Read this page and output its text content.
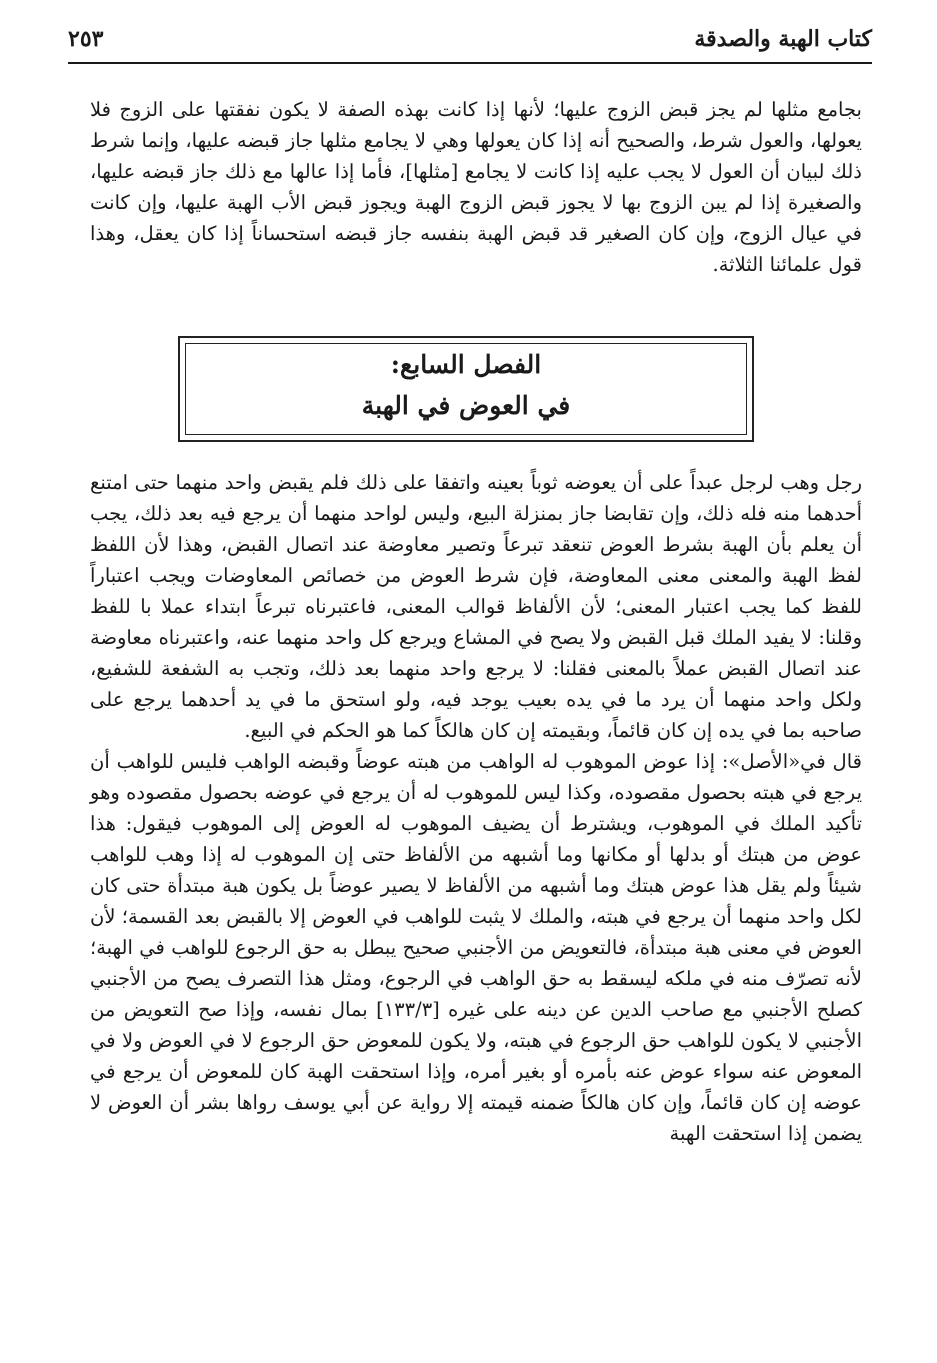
كتاب الهبة والصدقة
٢٥٣

بجامع مثلها لم يجز قبض الزوج عليها؛ لأنها إذا كانت بهذه الصفة لا يكون نفقتها على الزوج فلا يعولها، والعول شرط، والصحيح أنه إذا كان يعولها وهي لا يجامع مثلها جاز قبضه عليها، وإنما شرط ذلك لبيان أن العول لا يجب عليه إذا كانت لا يجامع [مثلها]، فأما إذا عالها مع ذلك جاز قبضه عليها، والصغيرة إذا لم يبن الزوج بها لا يجوز قبض الزوج الهبة ويجوز قبض الأب الهبة عليها، وإن كانت في عيال الزوج، وإن كان الصغير قد قبض الهبة بنفسه جاز قبضه استحساناً إذا كان يعقل، وهذا قول علمائنا الثلاثة.

الفصل السابع:
في العوض في الهبة

رجل وهب لرجل عبداً على أن يعوضه ثوباً بعينه واتفقا على ذلك فلم يقبض واحد منهما حتى امتنع أحدهما منه فله ذلك، وإن تقابضا جاز بمنزلة البيع، وليس لواحد منهما أن يرجع فيه بعد ذلك، يجب أن يعلم بأن الهبة بشرط العوض تنعقد تبرعاً وتصير معاوضة عند اتصال القبض، وهذا لأن اللفظ لفظ الهبة والمعنى معنى المعاوضة، فإن شرط العوض من خصائص المعاوضات ويجب اعتباراً للفظ كما يجب اعتبار المعنى؛ لأن الألفاظ قوالب المعنى، فاعتبرناه تبرعاً ابتداء عملا با للفظ وقلنا: لا يفيد الملك قبل القبض ولا يصح في المشاع ويرجع كل واحد منهما عنه، واعتبرناه معاوضة عند اتصال القبض عملاً بالمعنى فقلنا: لا يرجع واحد منهما بعد ذلك، وتجب به الشفعة للشفيع، ولكل واحد منهما أن يرد ما في يده بعيب يوجد فيه، ولو استحق ما في يد أحدهما يرجع على صاحبه بما في يده إن كان قائماً، وبقيمته إن كان هالكاً كما هو الحكم في البيع.

قال في«الأصل»: إذا عوض الموهوب له الواهب من هبته عوضاً وقبضه الواهب فليس للواهب أن يرجع في هبته بحصول مقصوده، وكذا ليس للموهوب له أن يرجع في عوضه بحصول مقصوده وهو تأكيد الملك في الموهوب، ويشترط أن يضيف الموهوب له العوض إلى الموهوب فيقول: هذا عوض من هبتك أو بدلها أو مكانها وما أشبهه من الألفاظ حتى إن الموهوب له إذا وهب للواهب شيئاً ولم يقل هذا عوض هبتك وما أشبهه من الألفاظ لا يصير عوضاً بل يكون هبة مبتدأة حتى كان لكل واحد منهما أن يرجع في هبته، والملك لا يثبت للواهب في العوض إلا بالقبض بعد القسمة؛ لأن العوض في معنى هبة مبتدأة، فالتعويض من الأجنبي صحيح يبطل به حق الرجوع للواهب في الهبة؛ لأنه تصرّف منه في ملكه ليسقط به حق الواهب في الرجوع، ومثل هذا التصرف يصح من الأجنبي كصلح الأجنبي مع صاحب الدين عن دينه على غيره [١٣٣/٣] بمال نفسه، وإذا صح التعويض من الأجنبي لا يكون للواهب حق الرجوع في هبته، ولا يكون للمعوض حق الرجوع لا في العوض ولا في المعوض عنه سواء عوض عنه بأمره أو بغير أمره، وإذا استحقت الهبة كان للمعوض أن يرجع في عوضه إن كان قائماً، وإن كان هالكاً ضمنه قيمته إلا رواية عن أبي يوسف رواها بشر أن العوض لا يضمن إذا استحقت الهبة
